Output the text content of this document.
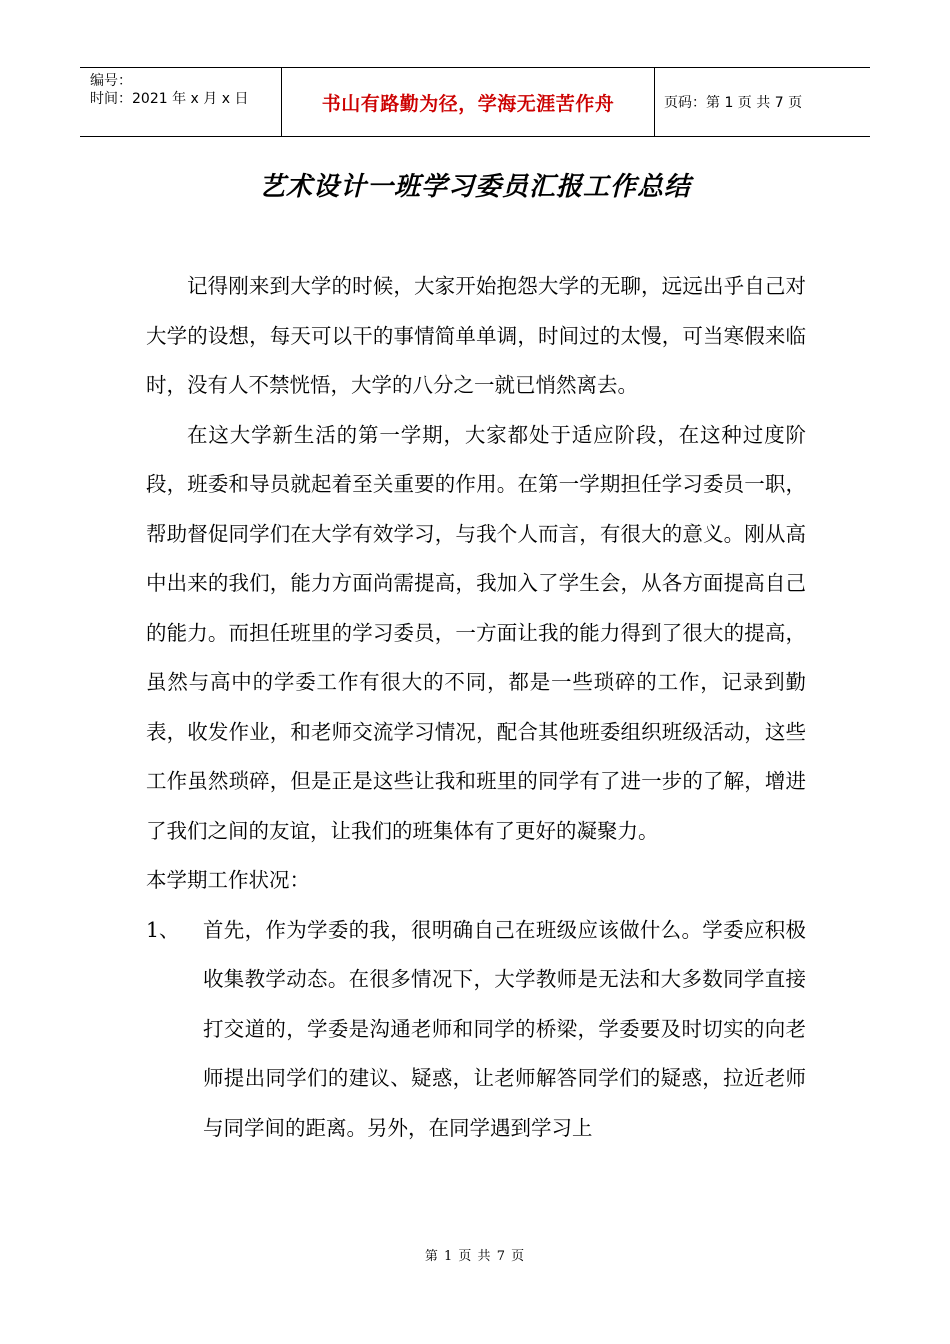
编号：
时间：2021 年 x 月 x 日	书山有路勤为径，学海无涯苦作舟	页码：第 1 页 共 7 页
艺术设计一班学习委员汇报工作总结

记得刚来到大学的时候，大家开始抱怨大学的无聊，远远出乎自己对大学的设想，每天可以干的事情简单单调，时间过的太慢，可当寒假来临时，没有人不禁恍悟，大学的八分之一就已悄然离去。

在这大学新生活的第一学期，大家都处于适应阶段，在这种过度阶段，班委和导员就起着至关重要的作用。在第一学期担任学习委员一职，帮助督促同学们在大学有效学习，与我个人而言，有很大的意义。刚从高中出来的我们，能力方面尚需提高，我加入了学生会，从各方面提高自己的能力。而担任班里的学习委员，一方面让我的能力得到了很大的提高，虽然与高中的学委工作有很大的不同，都是一些琐碎的工作，记录到勤表，收发作业，和老师交流学习情况，配合其他班委组织班级活动，这些工作虽然琐碎，但是正是这些让我和班里的同学有了进一步的了解，增进了我们之间的友谊，让我们的班集体有了更好的凝聚力。

本学期工作状况：

1、 首先，作为学委的我，很明确自己在班级应该做什么。学委应积极收集教学动态。在很多情况下，大学教师是无法和大多数同学直接打交道的，学委是沟通老师和同学的桥梁，学委要及时切实的向老师提出同学们的建议、疑惑，让老师解答同学们的疑惑，拉近老师与同学间的距离。另外，在同学遇到学习上
第 1 页 共 7 页
